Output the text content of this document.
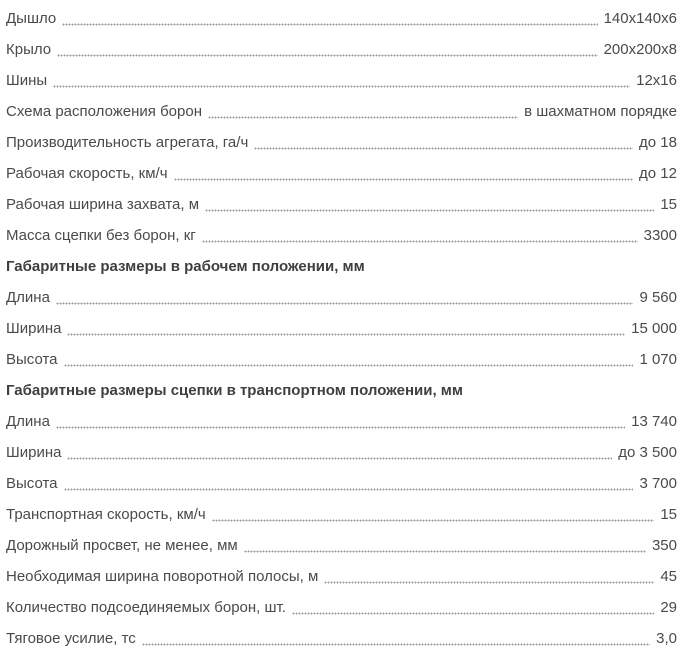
Дышло	140х140х6
Крыло	200х200х8
Шины	12х16
Схема расположения борон	в шахматном порядке
Производительность агрегата, га/ч	до 18
Рабочая скорость, км/ч	до 12
Рабочая ширина захвата, м	15
Масса сцепки без борон, кг	3300
Габаритные размеры в рабочем положении, мм
Длина	9 560
Ширина	15 000
Высота	1 070
Габаритные размеры сцепки в транспортном положении, мм
Длина	13 740
Ширина	до 3 500
Высота	3 700
Транспортная скорость, км/ч	15
Дорожный просвет, не менее, мм	350
Необходимая ширина поворотной полосы, м	45
Количество подсоединяемых борон, шт.	29
Тяговое усилие, тс	3,0
